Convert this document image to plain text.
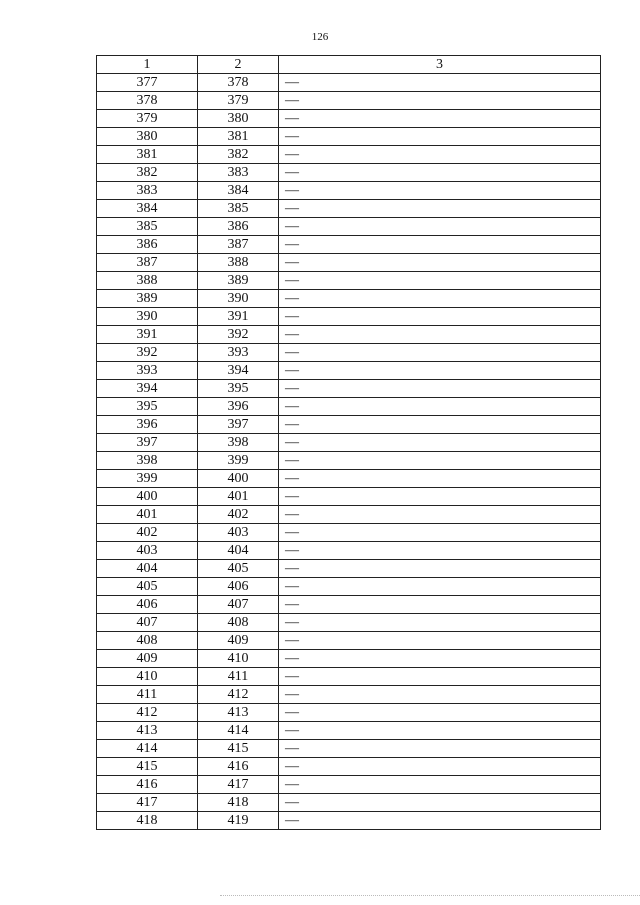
126
1	2	3
377	378	—
378	379	—
379	380	—
380	381	—
381	382	—
382	383	—
383	384	—
384	385	—
385	386	—
386	387	—
387	388	—
388	389	—
389	390	—
390	391	—
391	392	—
392	393	—
393	394	—
394	395	—
395	396	—
396	397	—
397	398	—
398	399	—
399	400	—
400	401	—
401	402	—
402	403	—
403	404	—
404	405	—
405	406	—
406	407	—
407	408	—
408	409	—
409	410	—
410	411	—
411	412	—
412	413	—
413	414	—
414	415	—
415	416	—
416	417	—
417	418	—
418	419	—
